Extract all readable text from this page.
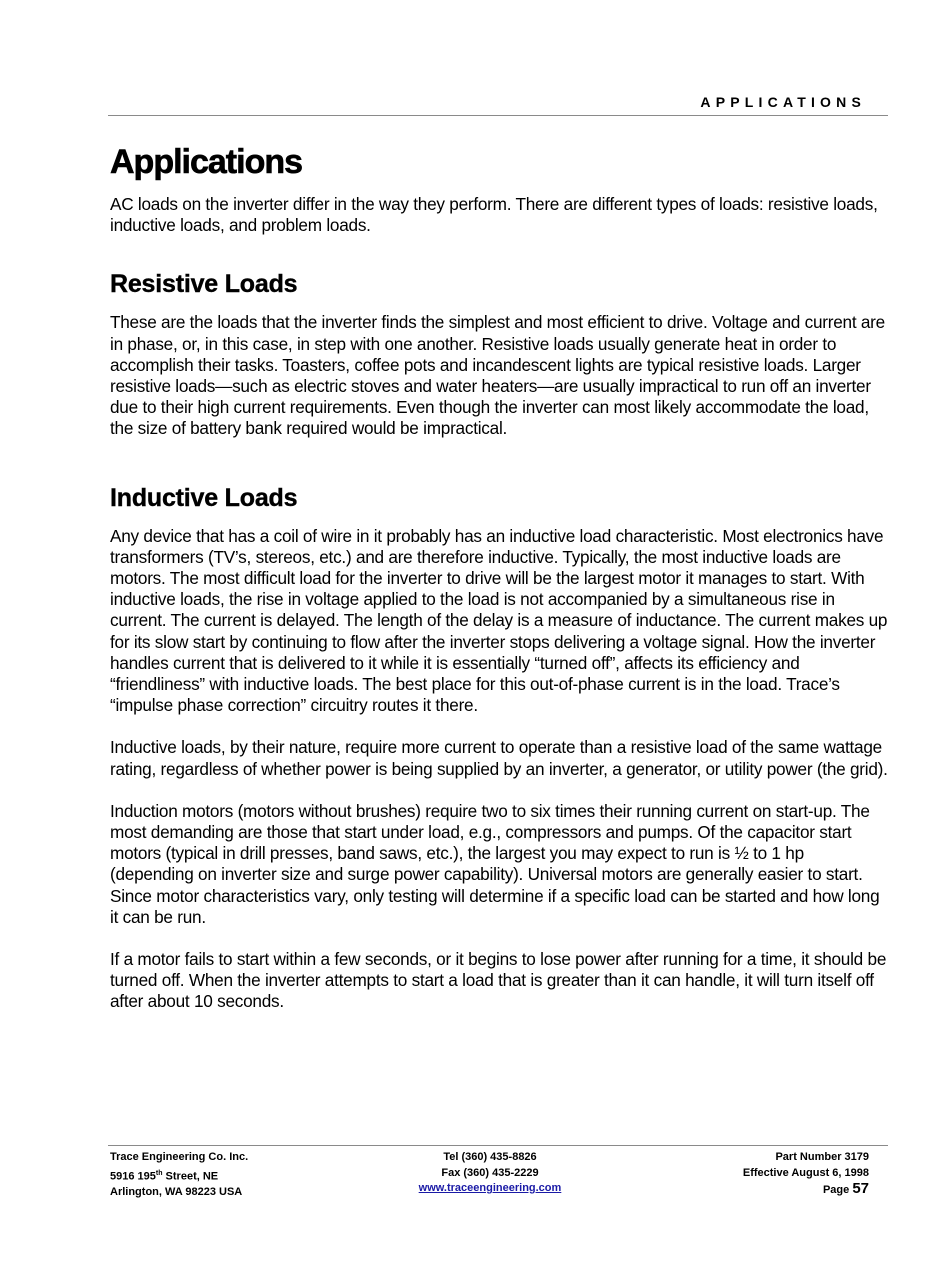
APPLICATIONS
Applications

AC loads on the inverter differ in the way they perform. There are different types of loads: resistive loads, inductive loads, and problem loads.

Resistive Loads

These are the loads that the inverter finds the simplest and most efficient to drive. Voltage and current are in phase, or, in this case, in step with one another. Resistive loads usually generate heat in order to accomplish their tasks. Toasters, coffee pots and incandescent lights are typical resistive loads. Larger resistive loads—such as electric stoves and water heaters—are usually impractical to run off an inverter due to their high current requirements. Even though the inverter can most likely accommodate the load, the size of battery bank required would be impractical.

Inductive Loads

Any device that has a coil of wire in it probably has an inductive load characteristic. Most electronics have transformers (TV’s, stereos, etc.) and are therefore inductive. Typically, the most inductive loads are motors. The most difficult load for the inverter to drive will be the largest motor it manages to start. With inductive loads, the rise in voltage applied to the load is not accompanied by a simultaneous rise in current. The current is delayed. The length of the delay is a measure of inductance. The current makes up for its slow start by continuing to flow after the inverter stops delivering a voltage signal. How the inverter handles current that is delivered to it while it is essentially “turned off”, affects its efficiency and “friendliness” with inductive loads. The best place for this out-of-phase current is in the load. Trace’s “impulse phase correction” circuitry routes it there.

Inductive loads, by their nature, require more current to operate than a resistive load of the same wattage rating, regardless of whether power is being supplied by an inverter, a generator, or utility power (the grid).

Induction motors (motors without brushes) require two to six times their running current on start-up. The most demanding are those that start under load, e.g., compressors and pumps. Of the capacitor start motors (typical in drill presses, band saws, etc.), the largest you may expect to run is ½ to 1 hp (depending on inverter size and surge power capability). Universal motors are generally easier to start. Since motor characteristics vary, only testing will determine if a specific load can be started and how long it can be run.

If a motor fails to start within a few seconds, or it begins to lose power after running for a time, it should be turned off. When the inverter attempts to start a load that is greater than it can handle, it will turn itself off after about 10 seconds.

Trace Engineering Co. Inc.
5916 195th Street, NE
Arlington, WA 98223 USA
Tel (360) 435-8826
Fax (360) 435-2229
www.traceengineering.com
Part Number 3179
Effective August 6, 1998
Page 57
